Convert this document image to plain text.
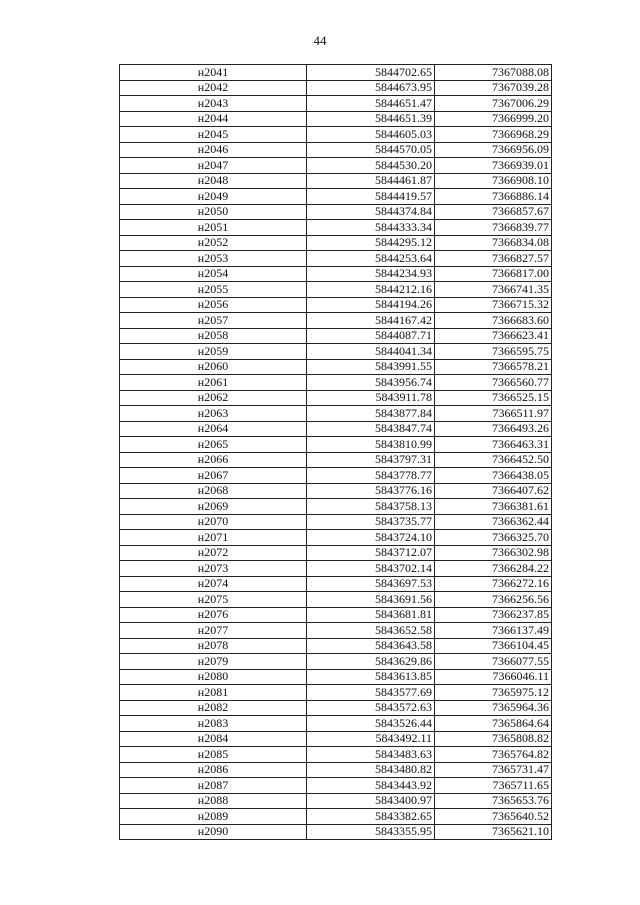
44
н2041	5844702.65	7367088.08
н2042	5844673.95	7367039.28
н2043	5844651.47	7367006.29
н2044	5844651.39	7366999.20
н2045	5844605.03	7366968.29
н2046	5844570.05	7366956.09
н2047	5844530.20	7366939.01
н2048	5844461.87	7366908.10
н2049	5844419.57	7366886.14
н2050	5844374.84	7366857.67
н2051	5844333.34	7366839.77
н2052	5844295.12	7366834.08
н2053	5844253.64	7366827.57
н2054	5844234.93	7366817.00
н2055	5844212.16	7366741.35
н2056	5844194.26	7366715.32
н2057	5844167.42	7366683.60
н2058	5844087.71	7366623.41
н2059	5844041.34	7366595.75
н2060	5843991.55	7366578.21
н2061	5843956.74	7366560.77
н2062	5843911.78	7366525.15
н2063	5843877.84	7366511.97
н2064	5843847.74	7366493.26
н2065	5843810.99	7366463.31
н2066	5843797.31	7366452.50
н2067	5843778.77	7366438.05
н2068	5843776.16	7366407.62
н2069	5843758.13	7366381.61
н2070	5843735.77	7366362.44
н2071	5843724.10	7366325.70
н2072	5843712.07	7366302.98
н2073	5843702.14	7366284.22
н2074	5843697.53	7366272.16
н2075	5843691.56	7366256.56
н2076	5843681.81	7366237.85
н2077	5843652.58	7366137.49
н2078	5843643.58	7366104.45
н2079	5843629.86	7366077.55
н2080	5843613.85	7366046.11
н2081	5843577.69	7365975.12
н2082	5843572.63	7365964.36
н2083	5843526.44	7365864.64
н2084	5843492.11	7365808.82
н2085	5843483.63	7365764.82
н2086	5843480.82	7365731.47
н2087	5843443.92	7365711.65
н2088	5843400.97	7365653.76
н2089	5843382.65	7365640.52
н2090	5843355.95	7365621.10
